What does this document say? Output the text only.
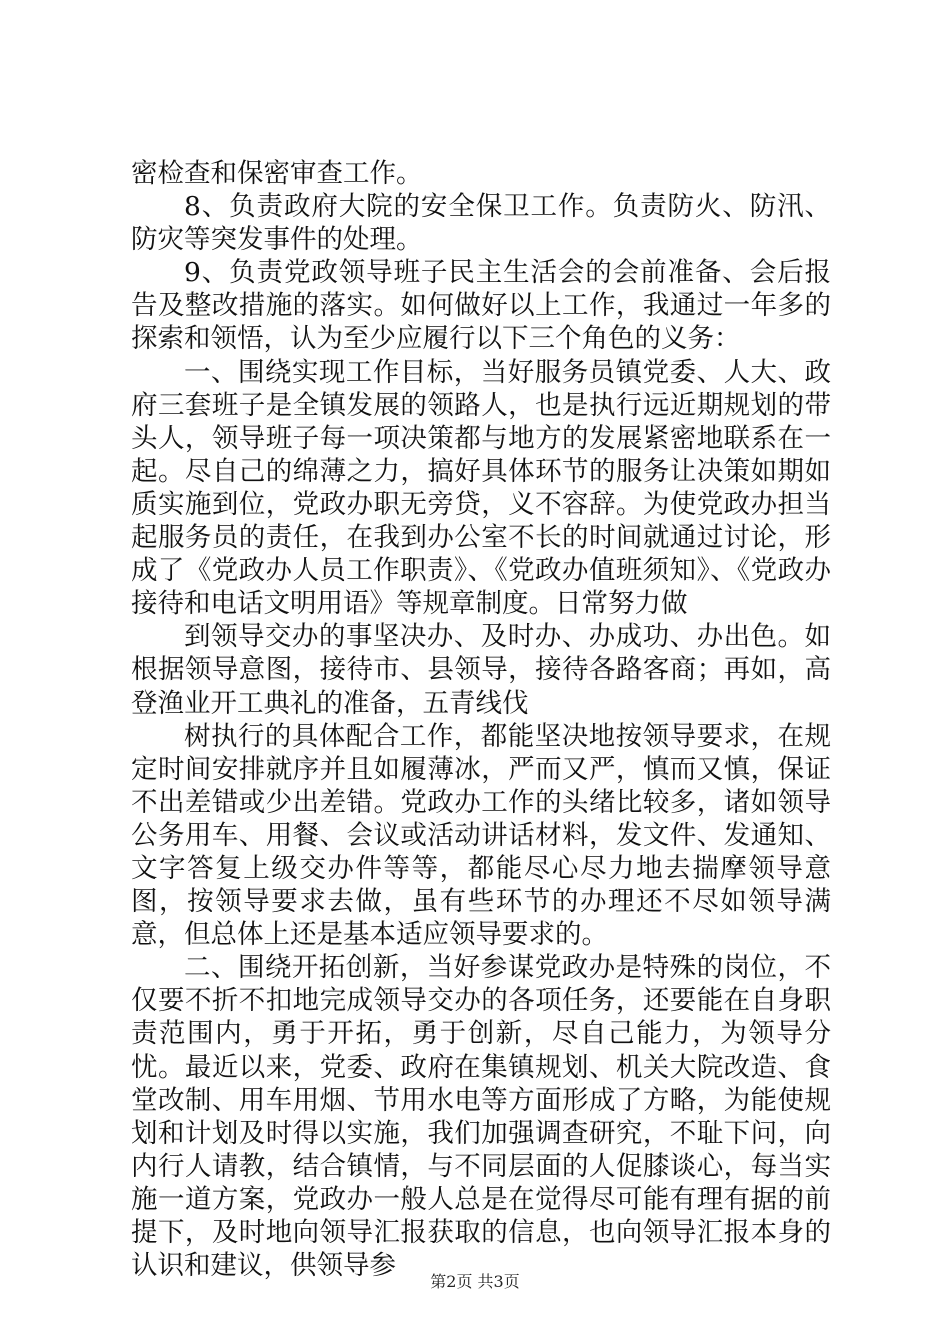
密检查和保密审查工作。

8、负责政府大院的安全保卫工作。负责防火、防汛、防灾等突发事件的处理。

9、负责党政领导班子民主生活会的会前准备、会后报告及整改措施的落实。如何做好以上工作，我通过一年多的探索和领悟，认为至少应履行以下三个角色的义务：

一、围绕实现工作目标，当好服务员镇党委、人大、政府三套班子是全镇发展的领路人，也是执行远近期规划的带头人，领导班子每一项决策都与地方的发展紧密地联系在一起。尽自己的绵薄之力，搞好具体环节的服务让决策如期如质实施到位，党政办职无旁贷，义不容辞。为使党政办担当起服务员的责任，在我到办公室不长的时间就通过讨论，形成了《党政办人员工作职责》、《党政办值班须知》、《党政办接待和电话文明用语》等规章制度。日常努力做

到领导交办的事坚决办、及时办、办成功、办出色。如根据领导意图，接待市、县领导，接待各路客商；再如，高登渔业开工典礼的准备，五青线伐

树执行的具体配合工作，都能坚决地按领导要求，在规定时间安排就序并且如履薄冰，严而又严，慎而又慎，保证不出差错或少出差错。党政办工作的头绪比较多，诸如领导公务用车、用餐、会议或活动讲话材料，发文件、发通知、文字答复上级交办件等等，都能尽心尽力地去揣摩领导意图，按领导要求去做，虽有些环节的办理还不尽如领导满意，但总体上还是基本适应领导要求的。

二、围绕开拓创新，当好参谋党政办是特殊的岗位，不仅要不折不扣地完成领导交办的各项任务，还要能在自身职责范围内，勇于开拓，勇于创新，尽自己能力，为领导分忧。最近以来，党委、政府在集镇规划、机关大院改造、食堂改制、用车用烟、节用水电等方面形成了方略，为能使规划和计划及时得以实施，我们加强调查研究，不耻下问，向内行人请教，结合镇情，与不同层面的人促膝谈心，每当实施一道方案，党政办一般人总是在觉得尽可能有理有据的前提下，及时地向领导汇报获取的信息，也向领导汇报本身的认识和建议，供领导参

第2页 共3页
